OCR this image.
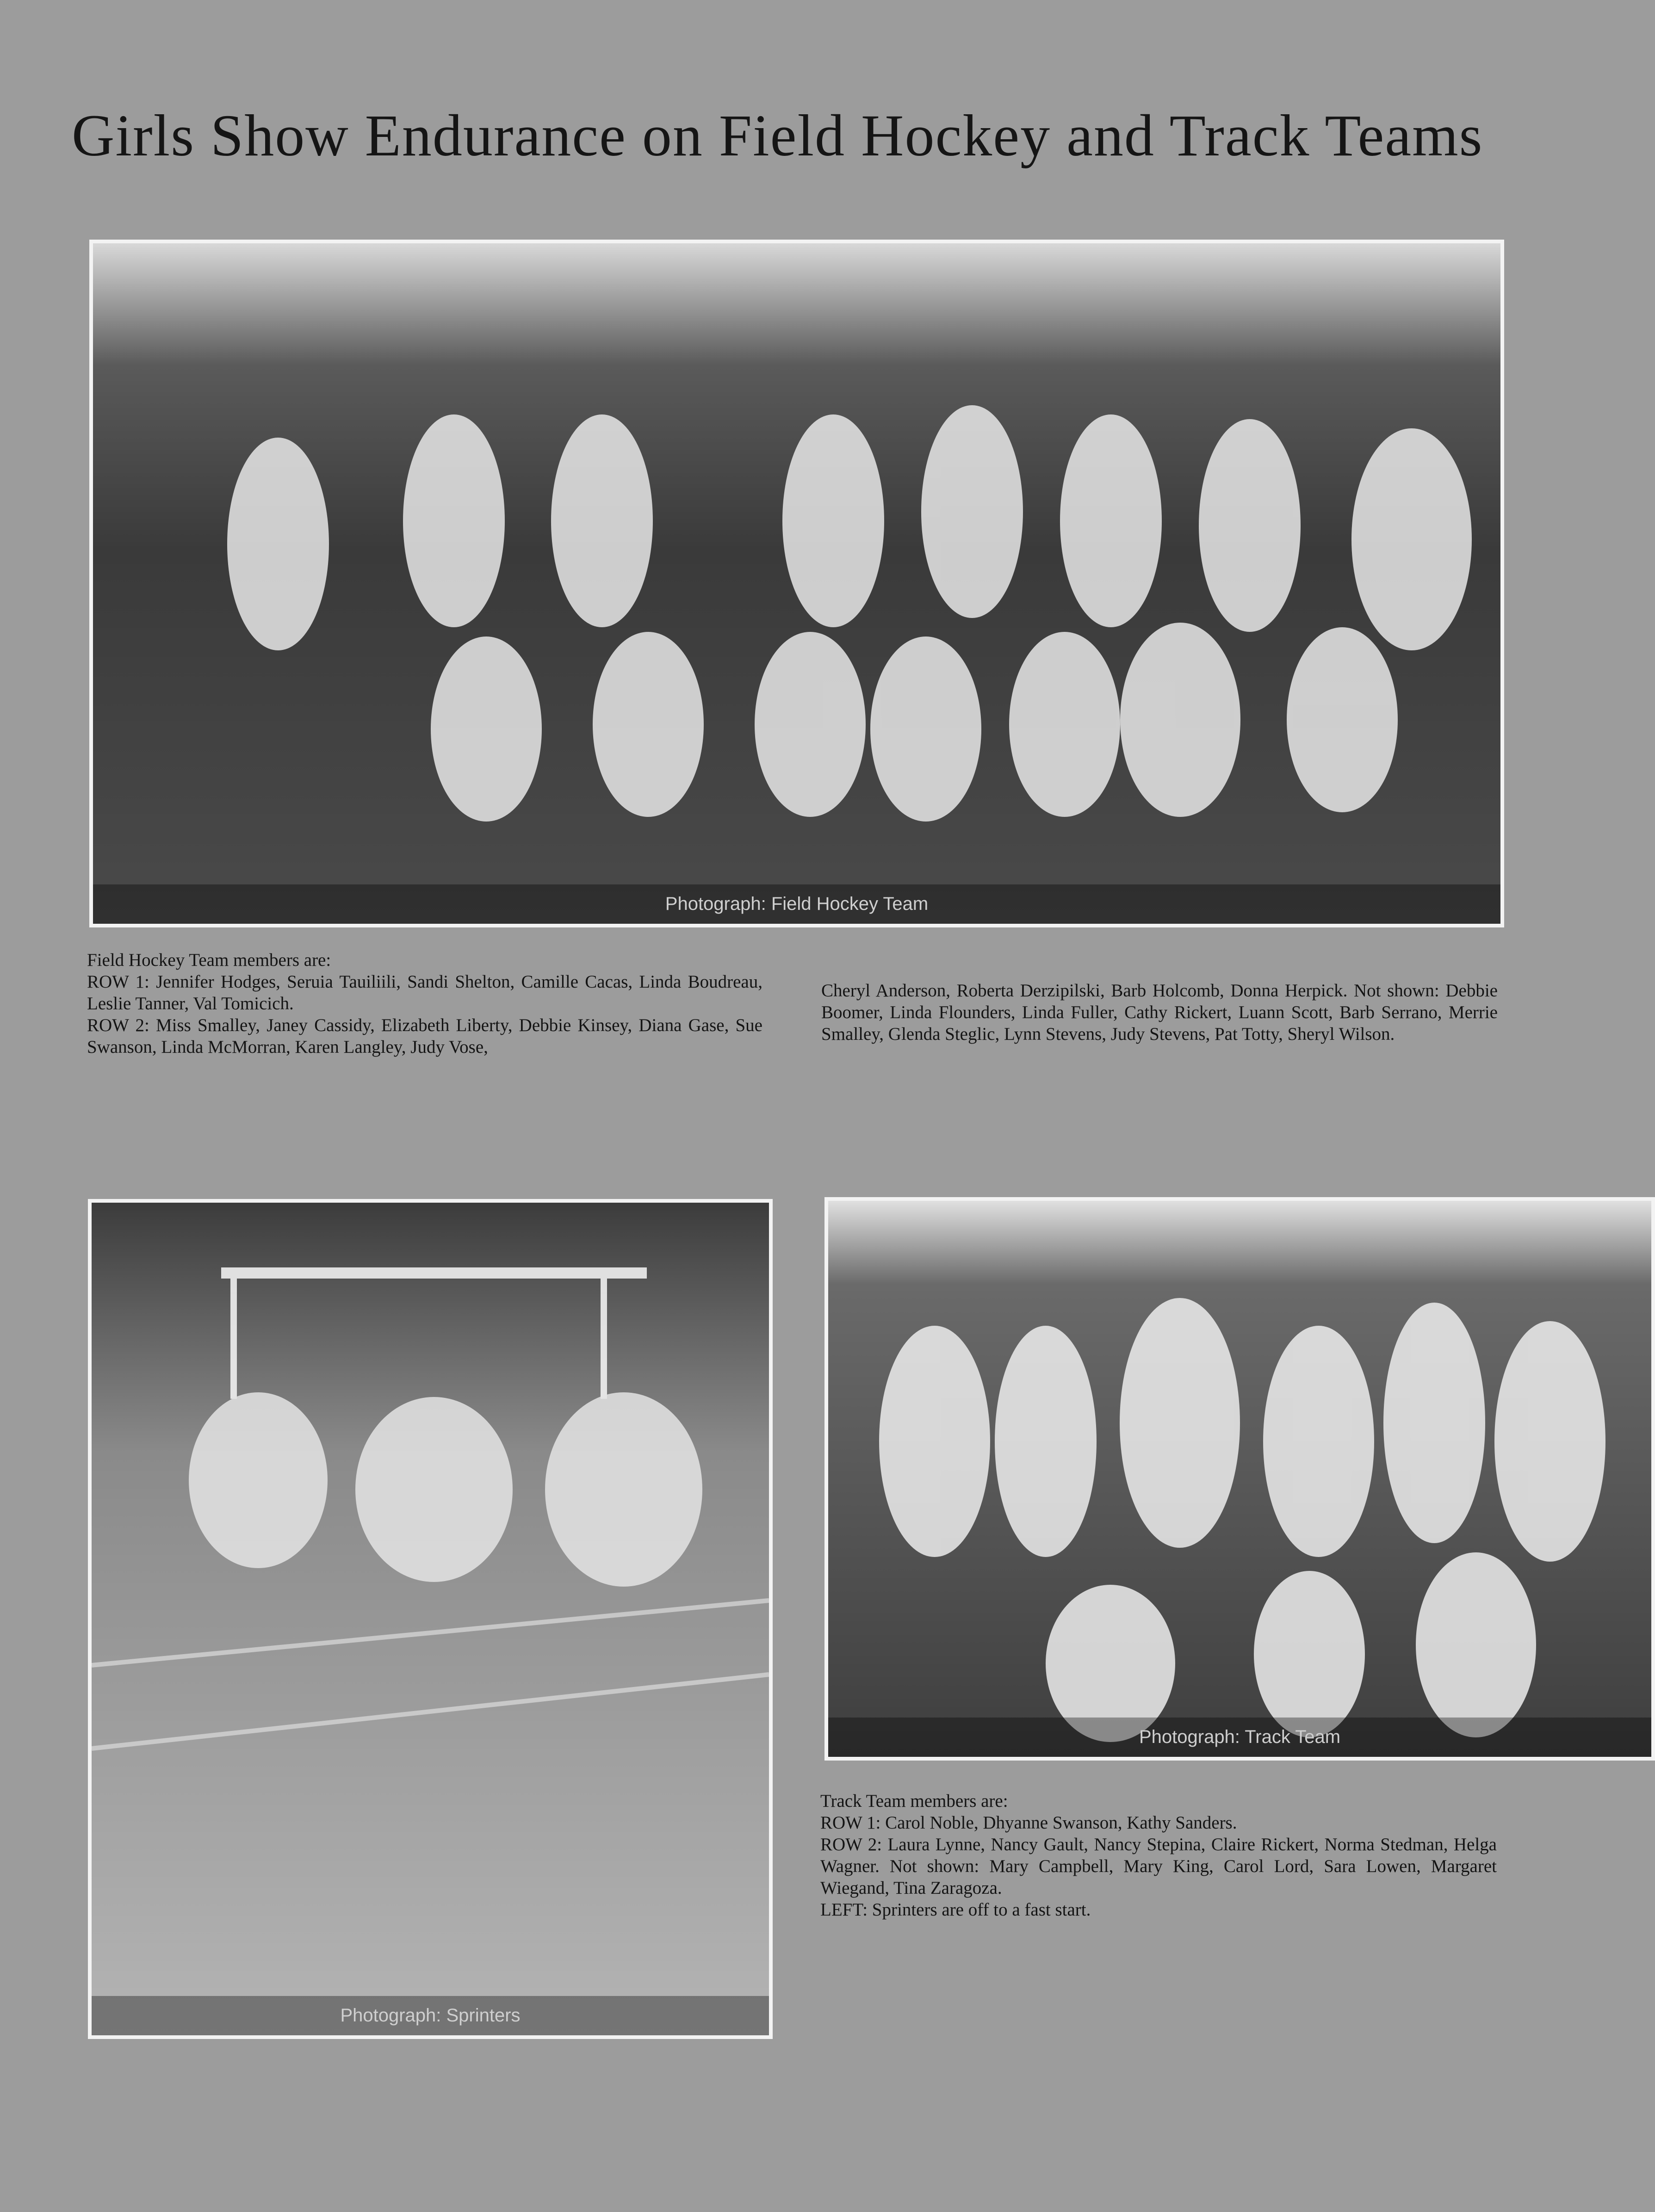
Girls Show Endurance on Field Hockey and Track Teams
Photograph: Field Hockey Team

Field Hockey Team members are:

ROW 1: Jennifer Hodges, Seruia Tauiliili, Sandi Shelton, Camille Cacas, Linda Boudreau, Leslie Tanner, Val Tomicich.

ROW 2: Miss Smalley, Janey Cassidy, Elizabeth Liberty, Debbie Kinsey, Diana Gase, Sue Swanson, Linda McMorran, Karen Langley, Judy Vose,

Cheryl Anderson, Roberta Derzipilski, Barb Holcomb, Donna Herpick. Not shown: Debbie Boomer, Linda Flounders, Linda Fuller, Cathy Rickert, Luann Scott, Barb Serrano, Merrie Smalley, Glenda Steglic, Lynn Stevens, Judy Stevens, Pat Totty, Sheryl Wilson.

Photograph: Sprinters
Photograph: Track Team

Track Team members are:

ROW 1: Carol Noble, Dhyanne Swanson, Kathy Sanders.

ROW 2: Laura Lynne, Nancy Gault, Nancy Stepina, Claire Rickert, Norma Stedman, Helga Wagner. Not shown: Mary Campbell, Mary King, Carol Lord, Sara Lowen, Margaret Wiegand, Tina Zaragoza.

LEFT: Sprinters are off to a fast start.
